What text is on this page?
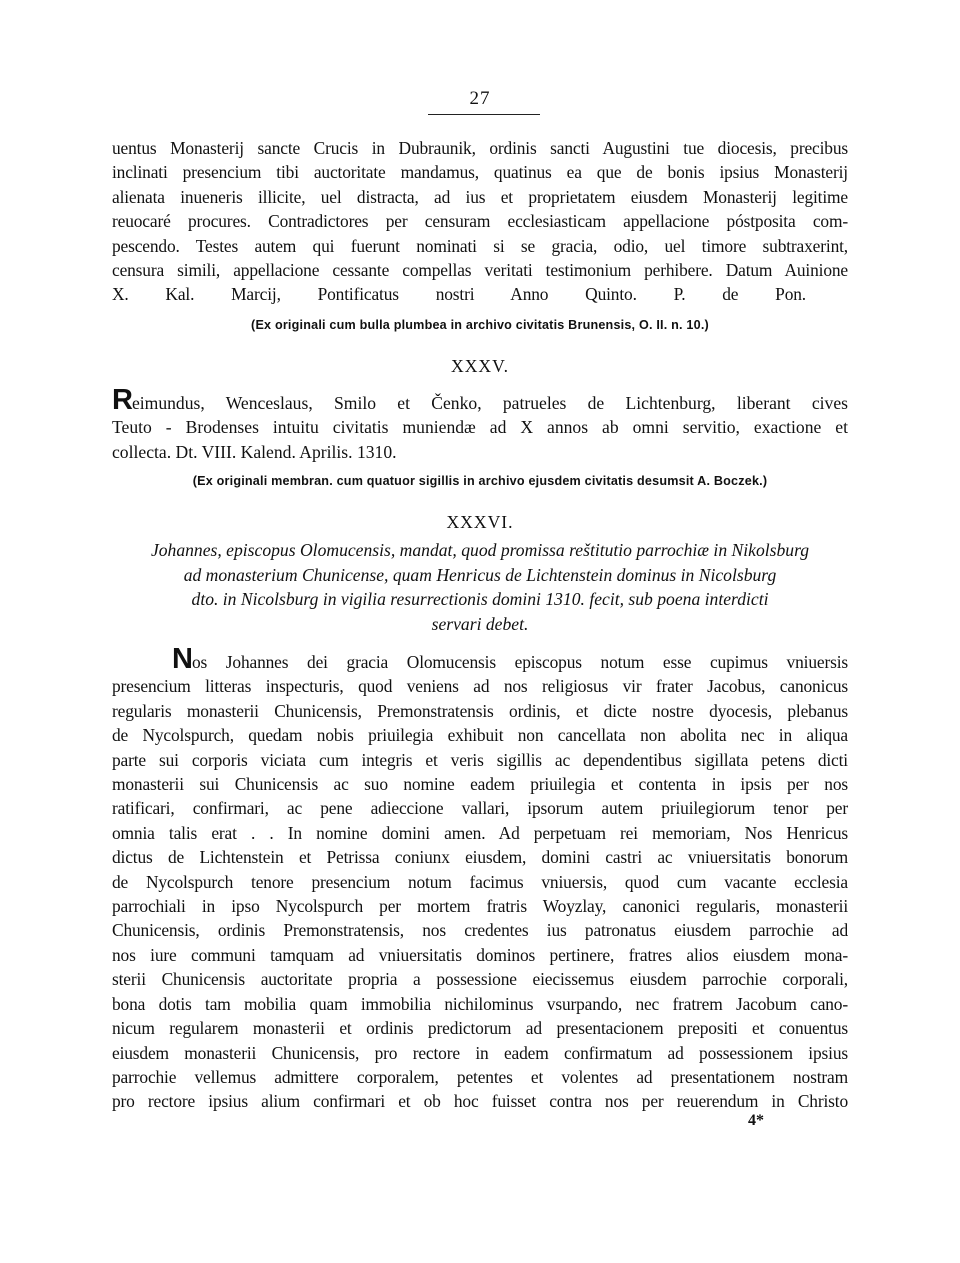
27
uentus Monasterij sancte Crucis in Dubraunik, ordinis sancti Augustini tue diocesis, precibus
inclinati presencium tibi auctoritate mandamus, quatinus ea que de bonis ipsius Monasterij
alienata inueneris illicite, uel distracta, ad ius et proprietatem eiusdem Monasterij legitime
reuocaré procures. Contradictores per censuram ecclesiasticam appellacione póstposita com-
pescendo. Testes autem qui fuerunt nominati si se gracia, odio, uel timore subtraxerint,
censura simili, appellacione cessante compellas veritati testimonium perhibere. Datum Auinione
X. Kal. Marcij, Pontificatus nostri Anno Quinto. P. de Pon.
(Ex originali cum bulla plumbea in archivo civitatis Brunensis, O. II. n. 10.)
XXXV.
Reimundus, Wenceslaus, Smilo et Čenko, patrueles de Lichtenburg, liberant cives
Teuto - Brodenses intuitu civitatis muniendæ ad X annos ab omni servitio, exactione et
collecta. Dt. VIII. Kalend. Aprilis. 1310.
(Ex originali membran. cum quatuor sigillis in archivo ejusdem civitatis desumsit A. Boczek.)
XXXVI.
Johannes, episcopus Olomucensis, mandat, quod promissa reštitutio parrochiæ in Nikolsburg
ad monasterium Chunicense, quam Henricus de Lichtenstein dominus in Nicolsburg
dto. in Nicolsburg in vigilia resurrectionis domini 1310. fecit, sub poena interdicti
servari debet.
Nos Johannes dei gracia Olomucensis episcopus notum esse cupimus vniuersis
presencium litteras inspecturis, quod veniens ad nos religiosus vir frater Jacobus, canonicus
regularis monasterii Chunicensis, Premonstratensis ordinis, et dicte nostre dyocesis, plebanus
de Nycolspurch, quedam nobis priuilegia exhibuit non cancellata non abolita nec in aliqua
parte sui corporis viciata cum integris et veris sigillis ac dependentibus sigillata petens dicti
monasterii sui Chunicensis ac suo nomine eadem priuilegia et contenta in ipsis per nos
ratificari, confirmari, ac pene adieccione vallari, ipsorum autem priuilegiorum tenor per
omnia talis erat . . In nomine domini amen. Ad perpetuam rei memoriam, Nos Henricus
dictus de Lichtenstein et Petrissa coniunx eiusdem, domini castri ac vniuersitatis bonorum
de Nycolspurch tenore presencium notum facimus vniuersis, quod cum vacante ecclesia
parrochiali in ipso Nycolspurch per mortem fratris Woyzlay, canonici regularis, monasterii
Chunicensis, ordinis Premonstratensis, nos credentes ius patronatus eiusdem parrochie ad
nos iure communi tamquam ad vniuersitatis dominos pertinere, fratres alios eiusdem mona-
sterii Chunicensis auctoritate propria a possessione eiecissemus eiusdem parrochie corporali,
bona dotis tam mobilia quam immobilia nichilominus vsurpando, nec fratrem Jacobum cano-
nicum regularem monasterii et ordinis predictorum ad presentacionem prepositi et conuentus
eiusdem monasterii Chunicensis, pro rectore in eadem confirmatum ad possessionem ipsius
parrochie vellemus admittere corporalem, petentes et volentes ad presentationem nostram
pro rectore ipsius alium confirmari et ob hoc fuisset contra nos per reuerendum in Christo
4*
